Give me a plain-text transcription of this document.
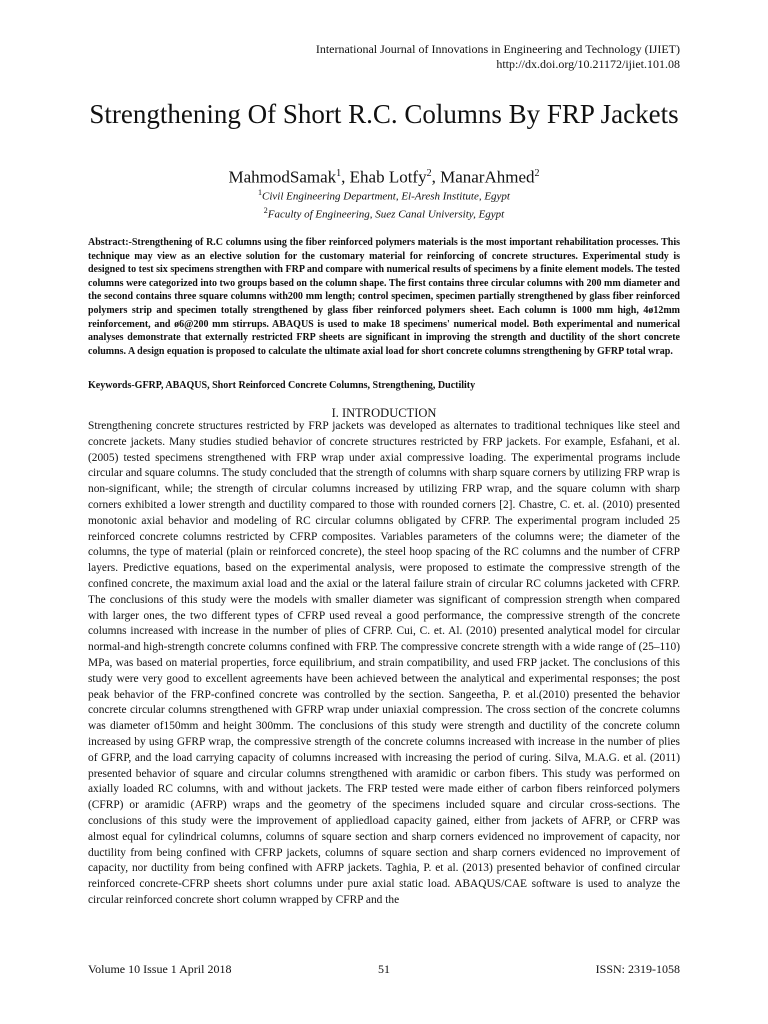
International Journal of Innovations in Engineering and Technology (IJIET)
http://dx.doi.org/10.21172/ijiet.101.08
Strengthening Of Short R.C. Columns By FRP Jackets
MahmodSamak$^1$, Ehab Lotfy$^2$, ManarAhmed$^2$
$^1$Civil Engineering Department, El-Aresh Institute, Egypt
$^2$Faculty of Engineering, Suez Canal University, Egypt
Abstract:-Strengthening of R.C columns using the fiber reinforced polymers materials is the most important rehabilitation processes. This technique may view as an elective solution for the customary material for reinforcing of concrete structures. Experimental study is designed to test six specimens strengthen with FRP and compare with numerical results of specimens by a finite element models. The tested columns were categorized into two groups based on the column shape. The first contains three circular columns with 200 mm diameter and the second contains three square columns with200 mm length; control specimen, specimen partially strengthened by glass fiber reinforced polymers strip and specimen totally strengthened by glass fiber reinforced polymers sheet. Each column is 1000 mm high, 4ø12mm reinforcement, and ø6@200 mm stirrups. ABAQUS is used to make 18 specimens' numerical model. Both experimental and numerical analyses demonstrate that externally restricted FRP sheets are significant in improving the strength and ductility of the short concrete columns. A design equation is proposed to calculate the ultimate axial load for short concrete columns strengthening by GFRP total wrap.
Keywords-GFRP, ABAQUS, Short Reinforced Concrete Columns, Strengthening, Ductility
I. INTRODUCTION
Strengthening concrete structures restricted by FRP jackets was developed as alternates to traditional techniques like steel and concrete jackets. Many studies studied behavior of concrete structures restricted by FRP jackets. For example, Esfahani, et al. (2005) tested specimens strengthened with FRP wrap under axial compressive loading. The experimental programs include circular and square columns. The study concluded that the strength of columns with sharp square corners by utilizing FRP wrap is non-significant, while; the strength of circular columns increased by utilizing FRP wrap, and the square column with sharp corners exhibited a lower strength and ductility compared to those with rounded corners [2]. Chastre, C. et. al. (2010) presented monotonic axial behavior and modeling of RC circular columns obligated by CFRP. The experimental program included 25 reinforced concrete columns restricted by CFRP composites. Variables parameters of the columns were; the diameter of the columns, the type of material (plain or reinforced concrete), the steel hoop spacing of the RC columns and the number of CFRP layers. Predictive equations, based on the experimental analysis, were proposed to estimate the compressive strength of the confined concrete, the maximum axial load and the axial or the lateral failure strain of circular RC columns jacketed with CFRP. The conclusions of this study were the models with smaller diameter was significant of compression strength when compared with larger ones, the two different types of CFRP used reveal a good performance, the compressive strength of the concrete columns increased with increase in the number of plies of CFRP. Cui, C. et. Al. (2010) presented analytical model for circular normal-and high-strength concrete columns confined with FRP. The compressive concrete strength with a wide range of (25–110) MPa, was based on material properties, force equilibrium, and strain compatibility, and used FRP jacket. The conclusions of this study were very good to excellent agreements have been achieved between the analytical and experimental responses; the post peak behavior of the FRP-confined concrete was controlled by the section. Sangeetha, P. et al.(2010) presented the behavior concrete circular columns strengthened with GFRP wrap under uniaxial compression. The cross section of the concrete columns was diameter of150mm and height 300mm. The conclusions of this study were strength and ductility of the concrete column increased by using GFRP wrap, the compressive strength of the concrete columns increased with increase in the number of plies of GFRP, and the load carrying capacity of columns increased with increasing the period of curing. Silva, M.A.G. et al. (2011) presented behavior of square and circular columns strengthened with aramidic or carbon fibers. This study was performed on axially loaded RC columns, with and without jackets. The FRP tested were made either of carbon fibers reinforced polymers (CFRP) or aramidic (AFRP) wraps and the geometry of the specimens included square and circular cross-sections. The conclusions of this study were the improvement of appliedload capacity gained, either from jackets of AFRP, or CFRP was almost equal for cylindrical columns, columns of square section and sharp corners evidenced no improvement of capacity, nor ductility from being confined with CFRP jackets, columns of square section and sharp corners evidenced no improvement of capacity, nor ductility from being confined with AFRP jackets. Taghia, P. et al. (2013) presented behavior of confined circular reinforced concrete-CFRP sheets short columns under pure axial static load. ABAQUS/CAE software is used to analyze the circular reinforced concrete short column wrapped by CFRP and the
Volume 10 Issue 1 April 2018	51	ISSN: 2319-1058
